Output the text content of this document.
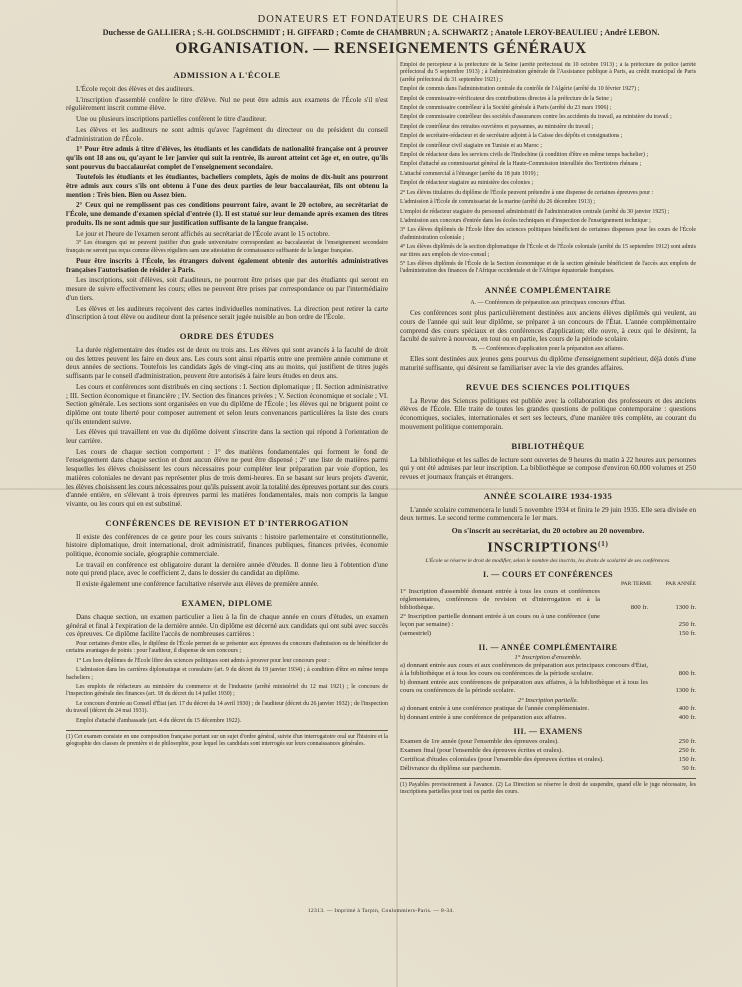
DONATEURS ET FONDATEURS DE CHAIRES
Duchesse de GALLIERA ; S.-H. GOLDSCHMIDT ; H. GIFFARD ; Comte de CHAMBRUN ; A. SCHWARTZ ; Anatole LEROY-BEAULIEU ; André LEBON.
ORGANISATION. — RENSEIGNEMENTS GÉNÉRAUX
ADMISSION A L'ÉCOLE

L'École reçoit des élèves et des auditeurs.

L'inscription d'assemblé confère le titre d'élève. Nul ne peut être admis aux examens de l'École s'il n'est régulièrement inscrit comme élève.

Une ou plusieurs inscriptions partielles confèrent le titre d'auditeur.

Les élèves et les auditeurs ne sont admis qu'avec l'agrément du directeur ou du président du conseil d'administration de l'École.

1° Pour être admis à titre d'élèves, les étudiants et les candidats de nationalité française ont à prouver qu'ils ont 18 ans ou, qu'ayant le 1er janvier qui suit la rentrée, ils auront atteint cet âge et, en outre, qu'ils sont pourvus du baccalauréat complet de l'enseignement secondaire.

Toutefois les étudiants et les étudiantes, bacheliers complets, âgés de moins de dix-huit ans pourront être admis aux cours s'ils ont obtenu à l'une des deux parties de leur baccalauréat, fils ont obtenu la mention : Très bien. Bien ou Assez bien.

2° Ceux qui ne remplissent pas ces conditions pourront faire, avant le 20 octobre, au secrétariat de l'École, une demande d'examen spécial d'entrée (1). Il est statué sur leur demande après examen des titres produits. Ils ne sont admis que sur justification suffisante de la langue française.

Le jour et l'heure de l'examen seront affichés au secrétariat de l'École avant le 15 octobre.

3° Les étrangers qui ne peuvent justifier d'un grade universitaire correspondant au baccalauréat de l'enseignement secondaire français ne seront pas reçus comme élèves réguliers sans une attestation de connaissance suffisante de la langue française.

Pour être inscrits à l'École, les étrangers doivent également obtenir des autorités administratives françaises l'autorisation de résider à Paris.

Les inscriptions, soit d'élèves, soit d'auditeurs, ne pourront être prises que par des étudiants qui seront en mesure de suivre effectivement les cours; elles ne peuvent être prises par correspondance ou par l'intermédiaire d'un tiers.

Les élèves et les auditeurs reçoivent des cartes individuelles nominatives. La direction peut retirer la carte d'inscription à tout élève ou auditeur dont la présence serait jugée nuisible au bon ordre de l'École.

ORDRE DES ÉTUDES

La durée réglementaire des études est de deux ou trois ans. Les élèves qui sont avancés à la faculté de droit ou des lettres peuvent les faire en deux ans. Les cours sont ainsi répartis entre une première année commune et deux années de sections. Toutefois les candidats âgés de vingt-cinq ans au moins, qui justifient de titres jugés suffisants par le conseil d'administration, peuvent être autorisés à faire leurs études en deux ans.

Les cours et conférences sont distribués en cinq sections : I. Section diplomatique ; II. Section administrative ; III. Section économique et financière ; IV. Section des finances privées ; V. Section économique et sociale ; VI. Section générale. Les sections sont organisées en vue du diplôme de l'École ; les élèves qui ne briguent point ce diplôme ont toute liberté pour composer autrement et selon leurs convenances particulières la liste des cours qu'ils entendent suivre.

Les élèves qui travaillent en vue du diplôme doivent s'inscrire dans la section qui répond à l'orientation de leur carrière.

Les cours de chaque section comportent : 1° des matières fondamentales qui forment le fond de l'enseignement dans chaque section et dont aucun élève ne peut être dispensé ; 2° une liste de matières parmi lesquelles les élèves choisissent les cours nécessaires pour compléter leur préparation par voie d'option, les matières coloniales ne devant pas représenter plus de trois demi-heures. En se basant sur leurs projets d'avenir, les élèves choisissent les cours nécessaires pour qu'ils puissent avoir la totalité des épreuves portant sur des cours d'année entière, en s'élevant à trois épreuves parmi les matières fondamentales, mais non compris la langue vivante, ou les cours qui en est substitué.

CONFÉRENCES DE REVISION ET D'INTERROGATION

Il existe des conférences de ce genre pour les cours suivants : histoire parlementaire et constitutionnelle, histoire diplomatique, droit international, droit administratif, finances publiques, finances privées, économie politique, économie sociale, géographie commerciale.

Le travail en conférence est obligatoire durant la dernière année d'études. Il donne lieu à l'obtention d'une note qui prend place, avec le coefficient 2, dans le dossier du candidat au diplôme.

Il existe également une conférence facultative réservée aux élèves de première année.

EXAMEN, DIPLOME

Dans chaque section, un examen particulier a lieu à la fin de chaque année en cours d'études, un examen général et final à l'expiration de la dernière année. Un diplôme est décerné aux candidats qui ont subi avec succès ces épreuves. Ce diplôme facilite l'accès de nombreuses carrières :

Pour certaines d'entre elles, le diplôme de l'École permet de se présenter aux épreuves du concours d'admission ou de bénéficier de certains avantages de points : pour l'auditeur, il dispense de son concours ;

1° Les hors diplômes de l'École libre des sciences politiques sont admis à prouver pour leur concours pour :

L'admission dans les carrières diplomatique et consulaire (art. 9 du décret du 19 janvier 1934) ; à condition d'être en même temps bacheliers ;

Les emplois de rédacteurs au ministère du commerce et de l'industrie (arrêté ministériel du 12 mai 1921) ; le concours de l'inspection générale des finances (art. 18 du décret du 14 juillet 1930) ;

Le concours d'entrée au Conseil d'État (art. 17 du décret du 14 avril 1930) ; de l'auditeur (décret du 26 janvier 1932) ; de l'inspection du travail (décret du 24 mai 1931).

Emploi d'attaché d'ambassade (art. 4 du décret du 15 décembre 1922).

(1) Cet examen consiste en une composition française portant sur un sujet d'ordre général, suivie d'un interrogatoire oral sur l'histoire et la géographie des classes de première et de philosophie, pour lequel les candidats sont interrogés sur leurs connaissances générales.

Emploi de percepteur à la préfecture de la Seine (arrêté préfectoral du 10 octobre 1913) ; à la préfecture de police (arrêté préfectoral du 5 septembre 1913) ; à l'administration générale de l'Assistance publique à Paris, au crédit municipal de Paris (arrêté préfectoral du 31 septembre 1921) ;

Emploi de commis dans l'administration centrale du contrôle de l'Algérie (arrêté du 10 février 1927) ;

Emploi de commissaire-vérificateur des contributions directes à la préfecture de la Seine ;

Emploi de commissaire contrôleur à la Société générale à Paris (arrêté du 23 mars 1906) ;

Emploi de commissaire contrôleur des sociétés d'assurances contre les accidents du travail, au ministère du travail ;

Emploi de contrôleur des retraites ouvrières et paysannes, au ministère du travail ;

Emploi de secrétaire-rédacteur et de secrétaire adjoint à la Caisse des dépôts et consignations ;

Emploi de contrôleur civil stagiaire en Tunisie et au Maroc ;

Emploi de rédacteur dans les services civils de l'Indochine (à condition d'être en même temps bachelier) ;

Emploi d'attaché au commissariat général de la Haute-Commission interalliée des Territoires rhénans ;

L'attaché commercial à l'étranger (arrêté du 18 juin 1919) ;

Emploi de rédacteur stagiaire au ministère des colonies ;

2° Les élèves titulaires du diplôme de l'École peuvent prétendre à une dispense de certaines épreuves pour :

L'admission à l'École de commissariat de la marine (arrêté du 26 décembre 1913) ;

L'emploi de rédacteur stagiaire du personnel administratif de l'administration centrale (arrêté du 30 janvier 1925) ;

L'admission aux concours d'entrée dans les écoles techniques et d'inspection de l'enseignement technique ;

3° Les élèves diplômés de l'École libre des sciences politiques bénéficient de certaines dispenses pour les cours de l'École d'administration coloniale ;

4° Les élèves diplômés de la section diplomatique de l'École et de l'École coloniale (arrêté du 15 septembre 1912) sont admis sur titres aux emplois de vice-consul ;

5° Les élèves diplômés de l'École de la Section économique et de la section générale bénéficient de l'accès aux emplois de l'administration des finances de l'Afrique occidentale et de l'Afrique équatoriale françaises.

ANNÉE COMPLÉMENTAIRE

A. — Conférences de préparation aux principaux concours d'État.

Ces conférences sont plus particulièrement destinées aux anciens élèves diplômés qui veulent, au cours de l'année qui suit leur diplôme, se préparer à un concours de l'État. L'année complémentaire comprend des cours spéciaux et des conférences d'application; elle ouvre, à ceux qui le désirent, la faculté de suivre à nouveau, en tout ou en partie, les cours de la période scolaire.

B. — Conférences d'application pour la préparation aux affaires.

Elles sont destinées aux jeunes gens pourvus du diplôme d'enseignement supérieur, déjà dotés d'une maturité suffisante, qui désirent se familiariser avec la vie des grandes affaires.

REVUE DES SCIENCES POLITIQUES

La Revue des Sciences politiques est publiée avec la collaboration des professeurs et des anciens élèves de l'École. Elle traite de toutes les grandes questions de politique contemporaine : questions économiques, sociales, internationales et sert ses lecteurs, d'une manière très complète, au courant du mouvement politique contemporain.

BIBLIOTHÈQUE

La bibliothèque et les salles de lecture sont ouvertes de 9 heures du matin à 22 heures aux personnes qui y ont été admises par leur inscription. La bibliothèque se compose d'environ 60.000 volumes et 250 revues et journaux français et étrangers.

ANNÉE SCOLAIRE 1934-1935

L'année scolaire commencera le lundi 5 novembre 1934 et finira le 29 juin 1935. Elle sera divisée en deux termes. Le second terme commencera le 1er mars.

On s'inscrit au secrétariat, du 20 octobre au 20 novembre.
INSCRIPTIONS$^{(1)}$
L'École se réserve le droit de modifier, selon le nombre des inscrits, les droits de scolarité de ses conférences.
I. — COURS ET CONFÉRENCES
PAR TERME	PAR ANNÉE
1° Inscription d'assemblé donnant entrée à tous les cours et conférences réglementaires, conférences de revision et d'interrogation et à la bibliothèque.	800 fr.	1300 fr.
2° Inscription partielle donnant entrée à un cours ou à une conférence (une leçon par semaine) :	250 fr.
(semestriel)	150 fr.
II. — ANNÉE COMPLÉMENTAIRE
1° Inscription d'ensemble.
a) donnant entrée aux cours et aux conférences de préparation aux principaux concours d'État, à la bibliothèque et à tous les cours ou conférences de la période scolaire.	800 fr.
b) donnant entrée aux conférences de préparation aux affaires, à la bibliothèque et à tous les cours ou conférences de la période scolaire.	1300 fr.
2° Inscription partielle.
a) donnant entrée à une conférence pratique de l'année complémentaire.	400 fr.
b) donnant entrée à une conférence de préparation aux affaires.	400 fr.
III. — EXAMENS
Examen de 1re année (pour l'ensemble des épreuves orales).	250 fr.
Examen final (pour l'ensemble des épreuves écrites et orales).	250 fr.
Certificat d'études coloniales (pour l'ensemble des épreuves écrites et orales).	150 fr.
Délivrance du diplôme sur parchemin.	50 fr.
(1) Payables provisoirement à l'avance. (2) La Direction se réserve le droit de suspendre, quand elle le juge nécessaire, les inscriptions partielles pour tout ou partie des cours.
12313. — Imprimé à Tarpin, Coulommiers-Paris. — 8-34.
